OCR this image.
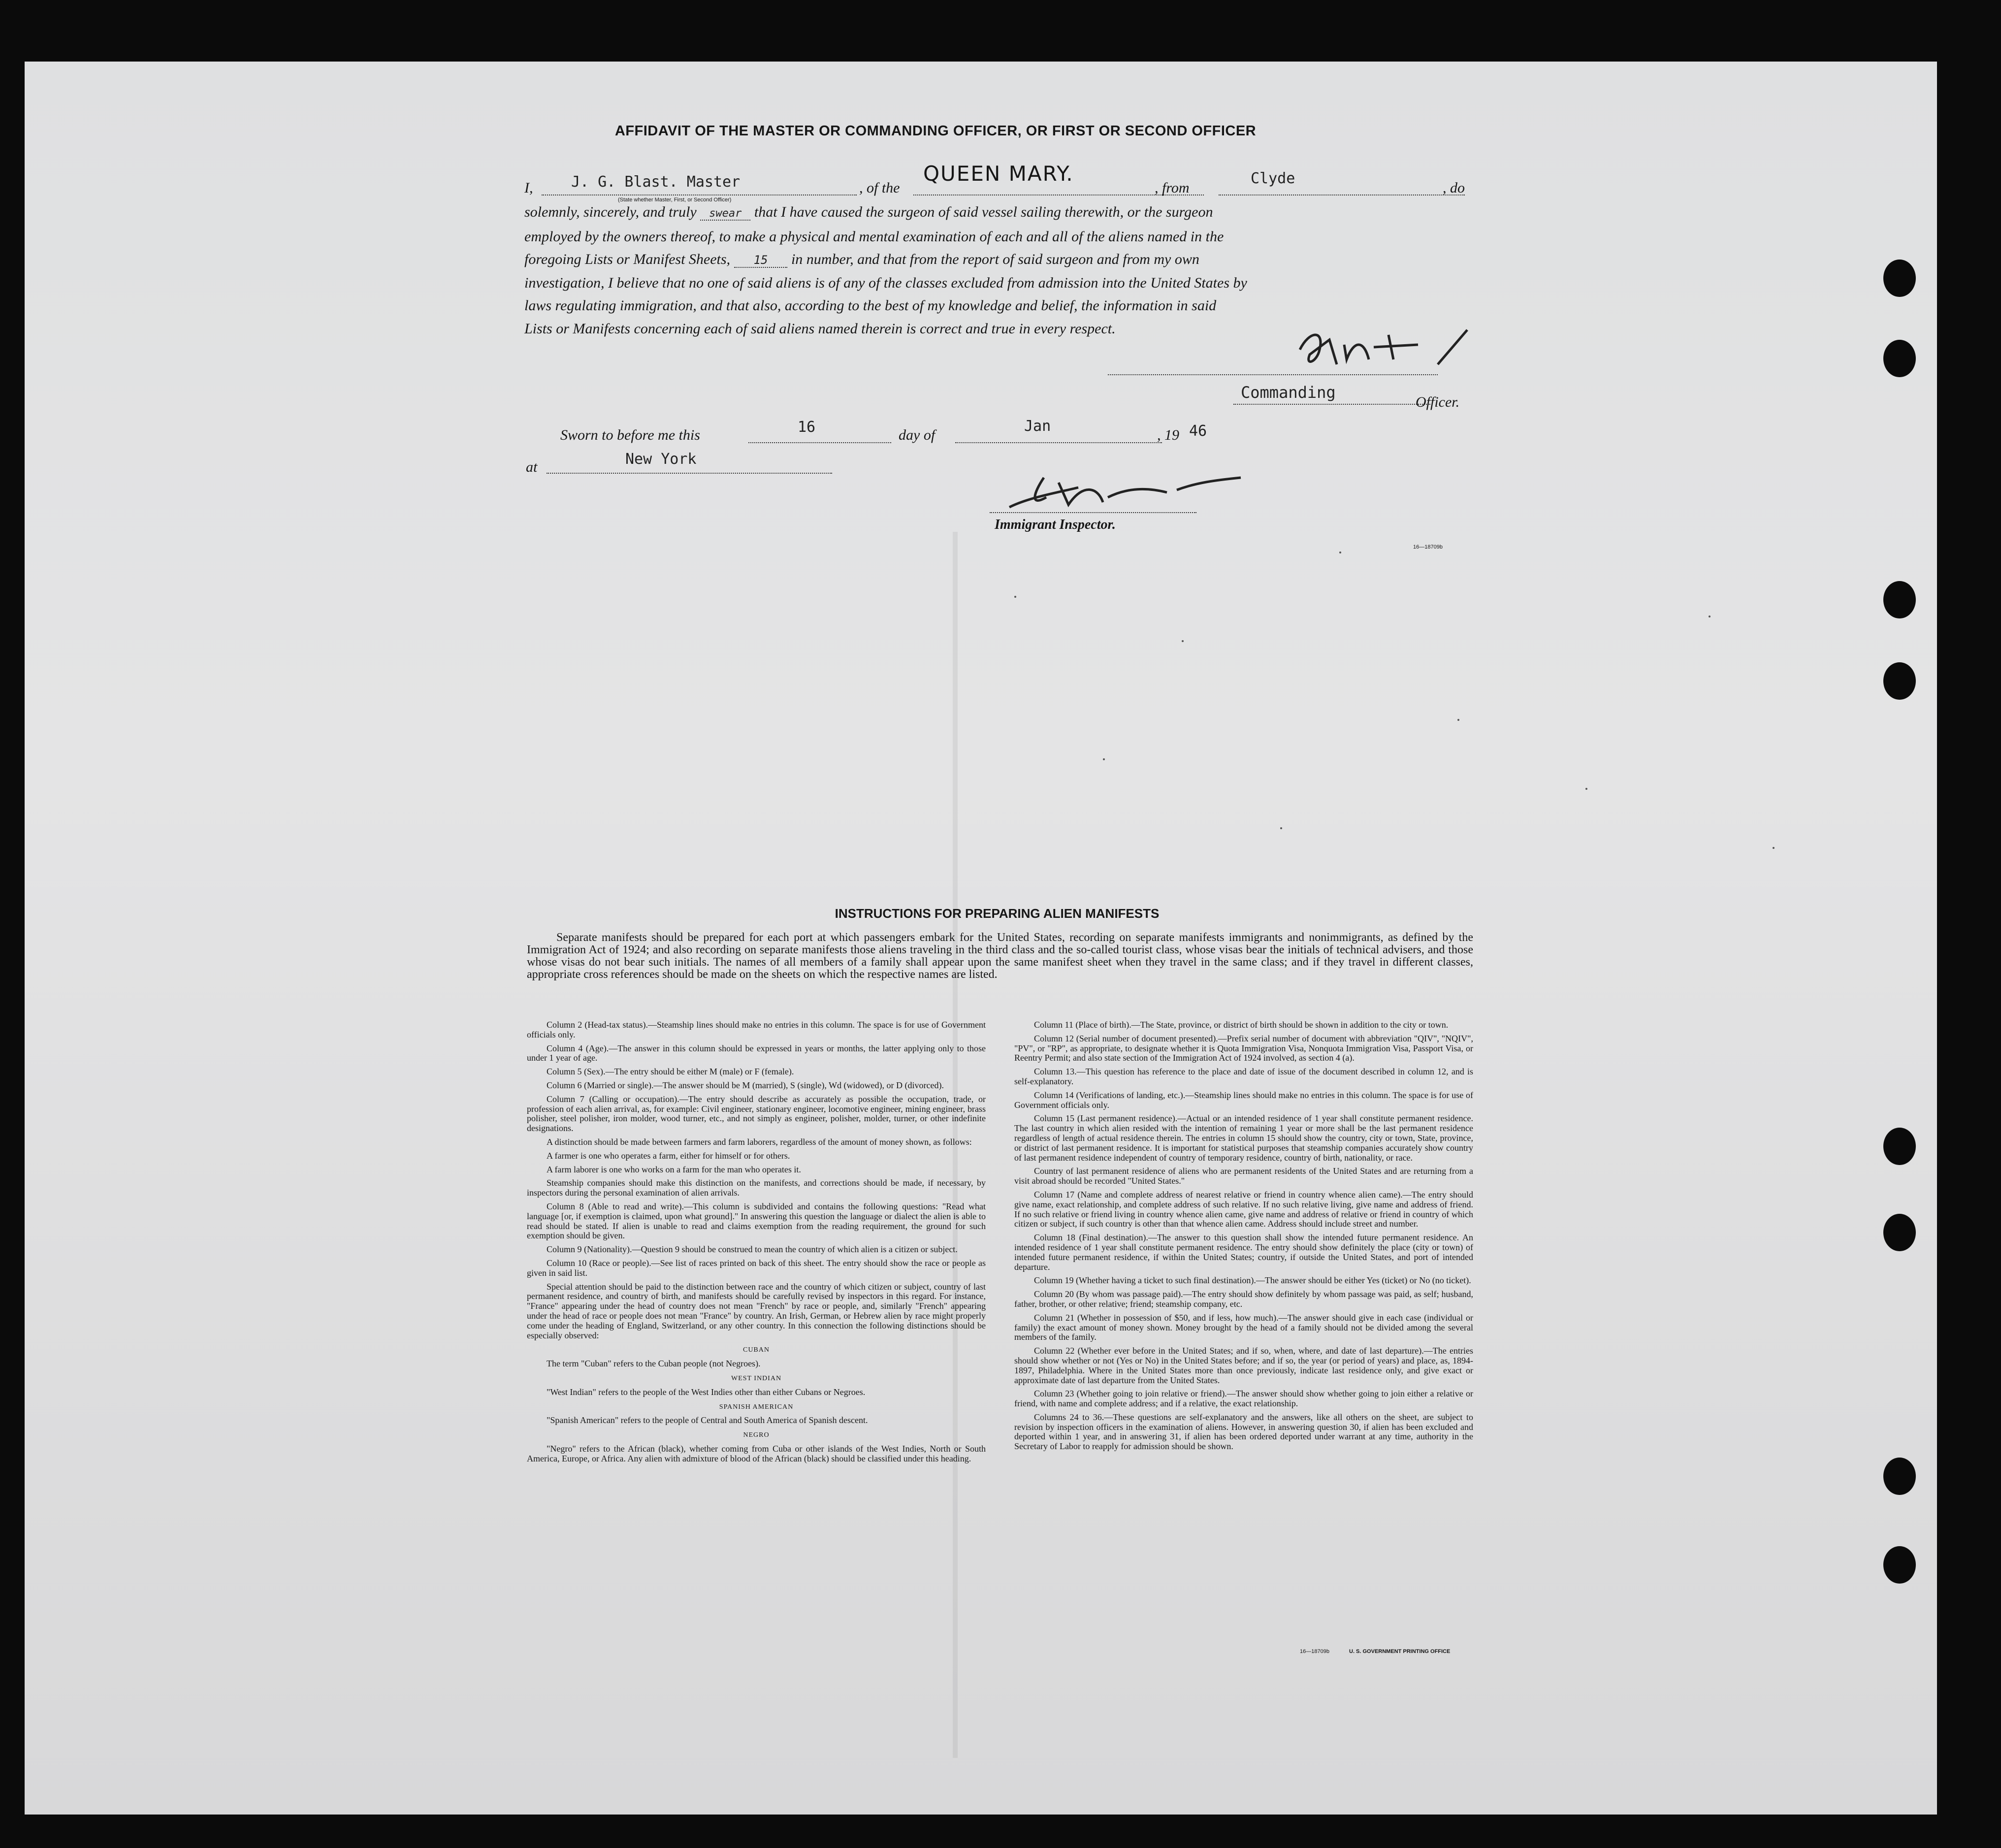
AFFIDAVIT OF THE MASTER OR COMMANDING OFFICER, OR FIRST OR SECOND OFFICER
I,	J. G. Blast. Master
(State whether Master, First, or Second Officer)
, of the
QUEEN MARY.
, from
Clyde
, do
solemnly, sincerely, and truly swear that I have caused the surgeon of said vessel sailing therewith, or the surgeon
employed by the owners thereof, to make a physical and mental examination of each and all of the aliens named in the
foregoing Lists or Manifest Sheets, 15 in number, and that from the report of said surgeon and from my own
investigation, I believe that no one of said aliens is of any of the classes excluded from admission into the United States by
laws regulating immigration, and that also, according to the best of my knowledge and belief, the information in said
Lists or Manifests concerning each of said aliens named therein is correct and true in every respect.
Commanding
Officer.
Sworn to before me this	16	day of
Jan
, 19 46
at	New York
Immigrant Inspector.
16—18709b
INSTRUCTIONS FOR PREPARING ALIEN MANIFESTS

Separate manifests should be prepared for each port at which passengers embark for the United States, recording on separate manifests immigrants and nonimmigrants, as defined by the Immigration Act of 1924; and also recording on separate manifests those aliens traveling in the third class and the so-called tourist class, whose visas bear the initials of technical advisers, and those whose visas do not bear such initials. The names of all members of a family shall appear upon the same manifest sheet when they travel in the same class; and if they travel in different classes, appropriate cross references should be made on the sheets on which the respective names are listed.

Column 2 (Head-tax status).—Steamship lines should make no entries in this column. The space is for use of Government officials only.

Column 4 (Age).—The answer in this column should be expressed in years or months, the latter applying only to those under 1 year of age.

Column 5 (Sex).—The entry should be either M (male) or F (female).

Column 6 (Married or single).—The answer should be M (married), S (single), Wd (widowed), or D (divorced).

Column 7 (Calling or occupation).—The entry should describe as accurately as possible the occupation, trade, or profession of each alien arrival, as, for example: Civil engineer, stationary engineer, locomotive engineer, mining engineer, brass polisher, steel polisher, iron molder, wood turner, etc., and not simply as engineer, polisher, molder, turner, or other indefinite designations.

A distinction should be made between farmers and farm laborers, regardless of the amount of money shown, as follows:

A farmer is one who operates a farm, either for himself or for others.

A farm laborer is one who works on a farm for the man who operates it.

Steamship companies should make this distinction on the manifests, and corrections should be made, if necessary, by inspectors during the personal examination of alien arrivals.

Column 8 (Able to read and write).—This column is subdivided and contains the following questions: "Read what language [or, if exemption is claimed, upon what ground]." In answering this question the language or dialect the alien is able to read should be stated. If alien is unable to read and claims exemption from the reading requirement, the ground for such exemption should be given.

Column 9 (Nationality).—Question 9 should be construed to mean the country of which alien is a citizen or subject.

Column 10 (Race or people).—See list of races printed on back of this sheet. The entry should show the race or people as given in said list.

Special attention should be paid to the distinction between race and the country of which citizen or subject, country of last permanent residence, and country of birth, and manifests should be carefully revised by inspectors in this regard. For instance, "France" appearing under the head of country does not mean "French" by race or people, and, similarly "French" appearing under the head of race or people does not mean "France" by country. An Irish, German, or Hebrew alien by race might properly come under the heading of England, Switzerland, or any other country. In this connection the following distinctions should be especially observed:

CUBAN

The term "Cuban" refers to the Cuban people (not Negroes).

WEST INDIAN

"West Indian" refers to the people of the West Indies other than either Cubans or Negroes.

SPANISH AMERICAN

"Spanish American" refers to the people of Central and South America of Spanish descent.

NEGRO

"Negro" refers to the African (black), whether coming from Cuba or other islands of the West Indies, North or South America, Europe, or Africa. Any alien with admixture of blood of the African (black) should be classified under this heading.

Column 11 (Place of birth).—The State, province, or district of birth should be shown in addition to the city or town.

Column 12 (Serial number of document presented).—Prefix serial number of document with abbreviation "QIV", "NQIV", "PV", or "RP", as appropriate, to designate whether it is Quota Immigration Visa, Nonquota Immigration Visa, Passport Visa, or Reentry Permit; and also state section of the Immigration Act of 1924 involved, as section 4 (a).

Column 13.—This question has reference to the place and date of issue of the document described in column 12, and is self-explanatory.

Column 14 (Verifications of landing, etc.).—Steamship lines should make no entries in this column. The space is for use of Government officials only.

Column 15 (Last permanent residence).—Actual or an intended residence of 1 year shall constitute permanent residence. The last country in which alien resided with the intention of remaining 1 year or more shall be the last permanent residence regardless of length of actual residence therein. The entries in column 15 should show the country, city or town, State, province, or district of last permanent residence. It is important for statistical purposes that steamship companies accurately show country of last permanent residence independent of country of temporary residence, country of birth, nationality, or race.

Country of last permanent residence of aliens who are permanent residents of the United States and are returning from a visit abroad should be recorded "United States."

Column 17 (Name and complete address of nearest relative or friend in country whence alien came).—The entry should give name, exact relationship, and complete address of such relative. If no such relative living, give name and address of friend. If no such relative or friend living in country whence alien came, give name and address of relative or friend in country of which citizen or subject, if such country is other than that whence alien came. Address should include street and number.

Column 18 (Final destination).—The answer to this question shall show the intended future permanent residence. An intended residence of 1 year shall constitute permanent residence. The entry should show definitely the place (city or town) of intended future permanent residence, if within the United States; country, if outside the United States, and port of intended departure.

Column 19 (Whether having a ticket to such final destination).—The answer should be either Yes (ticket) or No (no ticket).

Column 20 (By whom was passage paid).—The entry should show definitely by whom passage was paid, as self; husband, father, brother, or other relative; friend; steamship company, etc.

Column 21 (Whether in possession of $50, and if less, how much).—The answer should give in each case (individual or family) the exact amount of money shown. Money brought by the head of a family should not be divided among the several members of the family.

Column 22 (Whether ever before in the United States; and if so, when, where, and date of last departure).—The entries should show whether or not (Yes or No) in the United States before; and if so, the year (or period of years) and place, as, 1894-1897, Philadelphia. Where in the United States more than once previously, indicate last residence only, and give exact or approximate date of last departure from the United States.

Column 23 (Whether going to join relative or friend).—The answer should show whether going to join either a relative or friend, with name and complete address; and if a relative, the exact relationship.

Columns 24 to 36.—These questions are self-explanatory and the answers, like all others on the sheet, are subject to revision by inspection officers in the examination of aliens. However, in answering question 30, if alien has been excluded and deported within 1 year, and in answering 31, if alien has been ordered deported under warrant at any time, authority in the Secretary of Labor to reapply for admission should be shown.

16—18709b	U. S. GOVERNMENT PRINTING OFFICE
